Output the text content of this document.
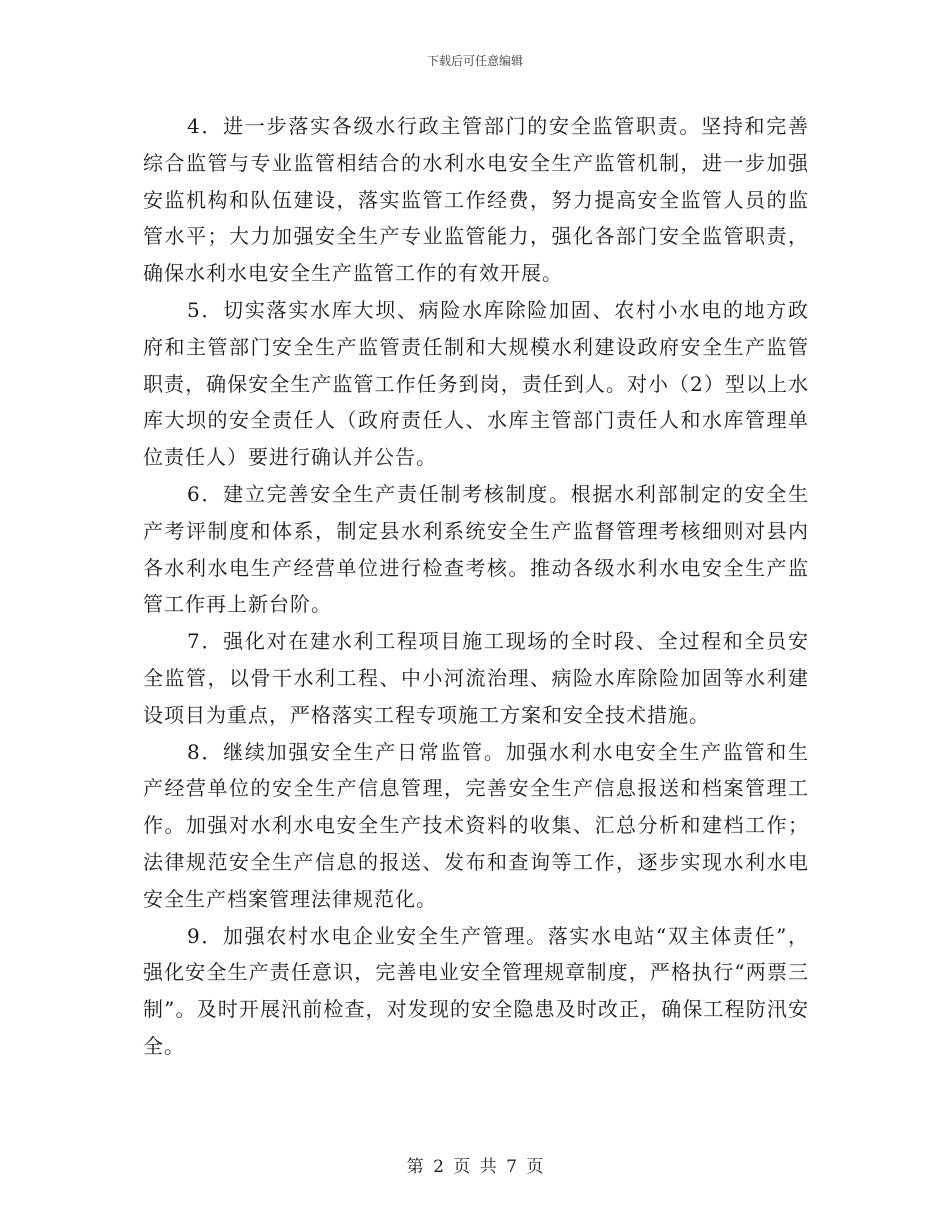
下载后可任意编辑

4．进一步落实各级水行政主管部门的安全监管职责。坚持和完善综合监管与专业监管相结合的水利水电安全生产监管机制，进一步加强安监机构和队伍建设，落实监管工作经费，努力提高安全监管人员的监管水平；大力加强安全生产专业监管能力，强化各部门安全监管职责，确保水利水电安全生产监管工作的有效开展。

5．切实落实水库大坝、病险水库除险加固、农村小水电的地方政府和主管部门安全生产监管责任制和大规模水利建设政府安全生产监管职责，确保安全生产监管工作任务到岗，责任到人。对小（2）型以上水库大坝的安全责任人（政府责任人、水库主管部门责任人和水库管理单位责任人）要进行确认并公告。

6．建立完善安全生产责任制考核制度。根据水利部制定的安全生产考评制度和体系，制定县水利系统安全生产监督管理考核细则对县内各水利水电生产经营单位进行检查考核。推动各级水利水电安全生产监管工作再上新台阶。

7．强化对在建水利工程项目施工现场的全时段、全过程和全员安全监管，以骨干水利工程、中小河流治理、病险水库除险加固等水利建设项目为重点，严格落实工程专项施工方案和安全技术措施。

8．继续加强安全生产日常监管。加强水利水电安全生产监管和生产经营单位的安全生产信息管理，完善安全生产信息报送和档案管理工作。加强对水利水电安全生产技术资料的收集、汇总分析和建档工作；法律规范安全生产信息的报送、发布和查询等工作，逐步实现水利水电安全生产档案管理法律规范化。

9．加强农村水电企业安全生产管理。落实水电站“双主体责任”，强化安全生产责任意识，完善电业安全管理规章制度，严格执行“两票三制”。及时开展汛前检查，对发现的安全隐患及时改正，确保工程防汛安全。

第 2 页 共 7 页
